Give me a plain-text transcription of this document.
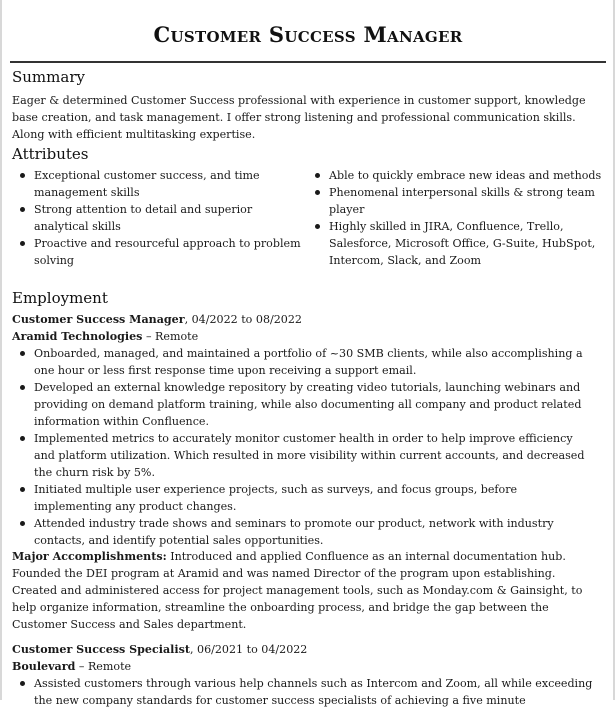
Customer Success Manager
Summary
Eager & determined Customer Success professional with experience in customer support, knowledge base creation, and task management. I offer strong listening and professional communication skills. Along with efficient multitasking expertise.
Attributes
Exceptional customer success, and time management skills
Strong attention to detail and superior analytical skills
Proactive and resourceful approach to problem solving
Able to quickly embrace new ideas and methods
Phenomenal interpersonal skills & strong team player
Highly skilled in JIRA, Confluence, Trello, Salesforce, Microsoft Office, G-Suite, HubSpot, Intercom, Slack, and Zoom
Employment
Customer Success Manager, 04/2022 to 08/2022
Aramid Technologies – Remote
Onboarded, managed, and maintained a portfolio of ~30 SMB clients, while also accomplishing a one hour or less first response time upon receiving a support email.
Developed an external knowledge repository by creating video tutorials, launching webinars and providing on demand platform training, while also documenting all company and product related information within Confluence.
Implemented metrics to accurately monitor customer health in order to help improve efficiency and platform utilization. Which resulted in more visibility within current accounts, and decreased the churn risk by 5%.
Initiated multiple user experience projects, such as surveys, and focus groups, before implementing any product changes.
Attended industry trade shows and seminars to promote our product, network with industry contacts, and identify potential sales opportunities.
Major Accomplishments: Introduced and applied Confluence as an internal documentation hub. Founded the DEI program at Aramid and was named Director of the program upon establishing. Created and administered access for project management tools, such as Monday.com & Gainsight, to help organize information, streamline the onboarding process, and bridge the gap between the Customer Success and Sales department.
Customer Success Specialist, 06/2021 to 04/2022
Boulevard – Remote
Assisted customers through various help channels such as Intercom and Zoom, all while exceeding the new company standards for customer success specialists of achieving a five minute
